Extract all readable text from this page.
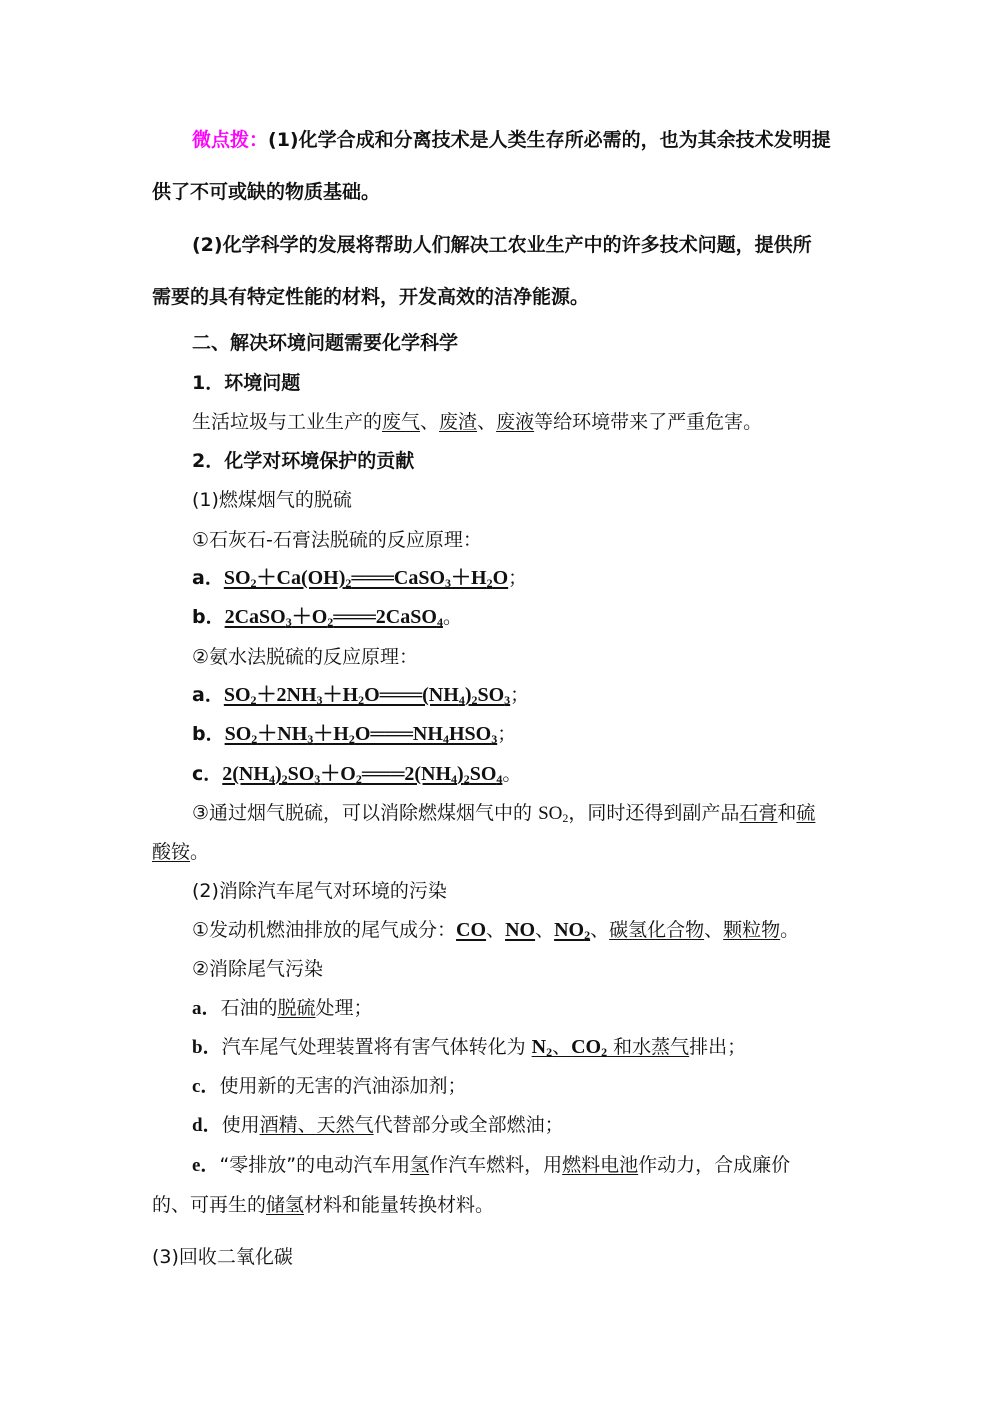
微点拨：(1)化学合成和分离技术是人类生存所必需的，也为其余技术发明提
供了不可或缺的物质基础。
(2)化学科学的发展将帮助人们解决工农业生产中的许多技术问题，提供所
需要的具有特定性能的材料，开发高效的洁净能源。
二、解决环境问题需要化学科学
1．环境问题
生活垃圾与工业生产的废气、废渣、废液等给环境带来了严重危害。
2．化学对环境保护的贡献
(1)燃煤烟气的脱硫
①石灰石-石膏法脱硫的反应原理：
a．$SO_2+Ca(OH)_2═══CaSO_3+H_2O$；
b．$2CaSO_3+O_2═══2CaSO_4$。
②氨水法脱硫的反应原理：
a．$SO_2+2NH_3+H_2O═══(NH_4)_2SO_3$；
b．$SO_2+NH_3+H_2O═══NH_4HSO_3$；
c．$2(NH_4)_2SO_3+O_2═══2(NH_4)_2SO_4$。
③通过烟气脱硫，可以消除燃煤烟气中的 $SO_2$，同时还得到副产品石膏和硫
酸铵。
(2)消除汽车尾气对环境的污染
①发动机燃油排放的尾气成分：CO、NO、$NO_2$、碳氢化合物、颗粒物。
②消除尾气污染
a．石油的脱硫处理；
b．汽车尾气处理装置将有害气体转化为 $N_2$、$CO_2$ 和水蒸气排出；
c．使用新的无害的汽油添加剂；
d．使用酒精、天然气代替部分或全部燃油；
e．“零排放”的电动汽车用氢作汽车燃料，用燃料电池作动力，合成廉价
的、可再生的储氢材料和能量转换材料。
(3)回收二氧化碳
